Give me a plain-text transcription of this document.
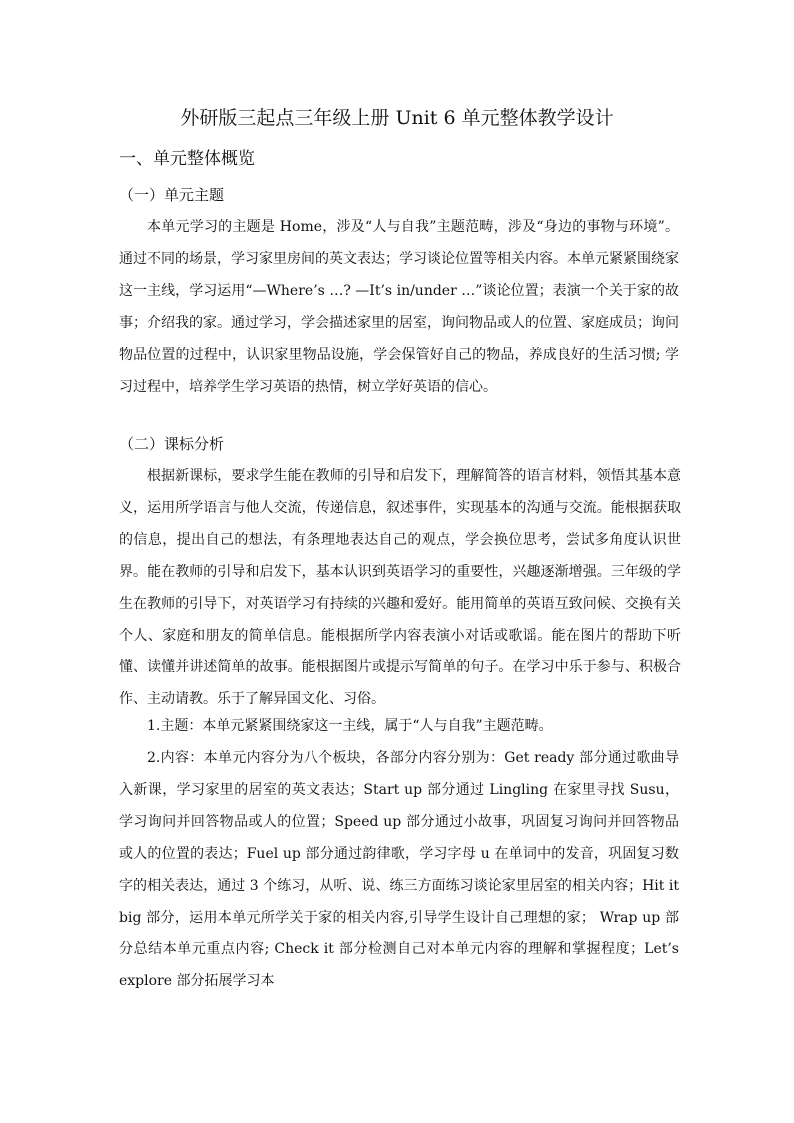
外研版三起点三年级上册 Unit 6 单元整体教学设计
一、单元整体概览
（一）单元主题

本单元学习的主题是 Home，涉及“人与自我”主题范畴，涉及“身边的事物与环境”。通过不同的场景，学习家里房间的英文表达；学习谈论位置等相关内容。本单元紧紧围绕家这一主线，学习运用“—Where’s …? —It’s in/under …”谈论位置；表演一个关于家的故事；介绍我的家。通过学习，学会描述家里的居室，询问物品或人的位置、家庭成员；询问物品位置的过程中，认识家里物品设施，学会保管好自己的物品，养成良好的生活习惯; 学习过程中，培养学生学习英语的热情，树立学好英语的信心。

（二）课标分析

根据新课标，要求学生能在教师的引导和启发下，理解简答的语言材料，领悟其基本意义，运用所学语言与他人交流，传递信息，叙述事件，实现基本的沟通与交流。能根据获取的信息，提出自己的想法，有条理地表达自己的观点，学会换位思考，尝试多角度认识世界。能在教师的引导和启发下，基本认识到英语学习的重要性，兴趣逐渐增强。三年级的学生在教师的引导下，对英语学习有持续的兴趣和爱好。能用简单的英语互致问候、交换有关个人、家庭和朋友的简单信息。能根据所学内容表演小对话或歌谣。能在图片的帮助下听懂、读懂并讲述简单的故事。能根据图片或提示写简单的句子。在学习中乐于参与、积极合作、主动请教。乐于了解异国文化、习俗。

1.主题：本单元紧紧围绕家这一主线，属于“人与自我”主题范畴。

2.内容：本单元内容分为八个板块，各部分内容分别为：Get ready 部分通过歌曲导入新课，学习家里的居室的英文表达；Start up 部分通过 Lingling 在家里寻找 Susu，学习询问并回答物品或人的位置；Speed up 部分通过小故事，巩固复习询问并回答物品或人的位置的表达；Fuel up 部分通过韵律歌，学习字母 u 在单词中的发音，巩固复习数字的相关表达，通过 3 个练习，从听、说、练三方面练习谈论家里居室的相关内容；Hit it big 部分，运用本单元所学关于家的相关内容,引导学生设计自己理想的家； Wrap up 部分总结本单元重点内容; Check it 部分检测自己对本单元内容的理解和掌握程度；Let’s explore 部分拓展学习本
